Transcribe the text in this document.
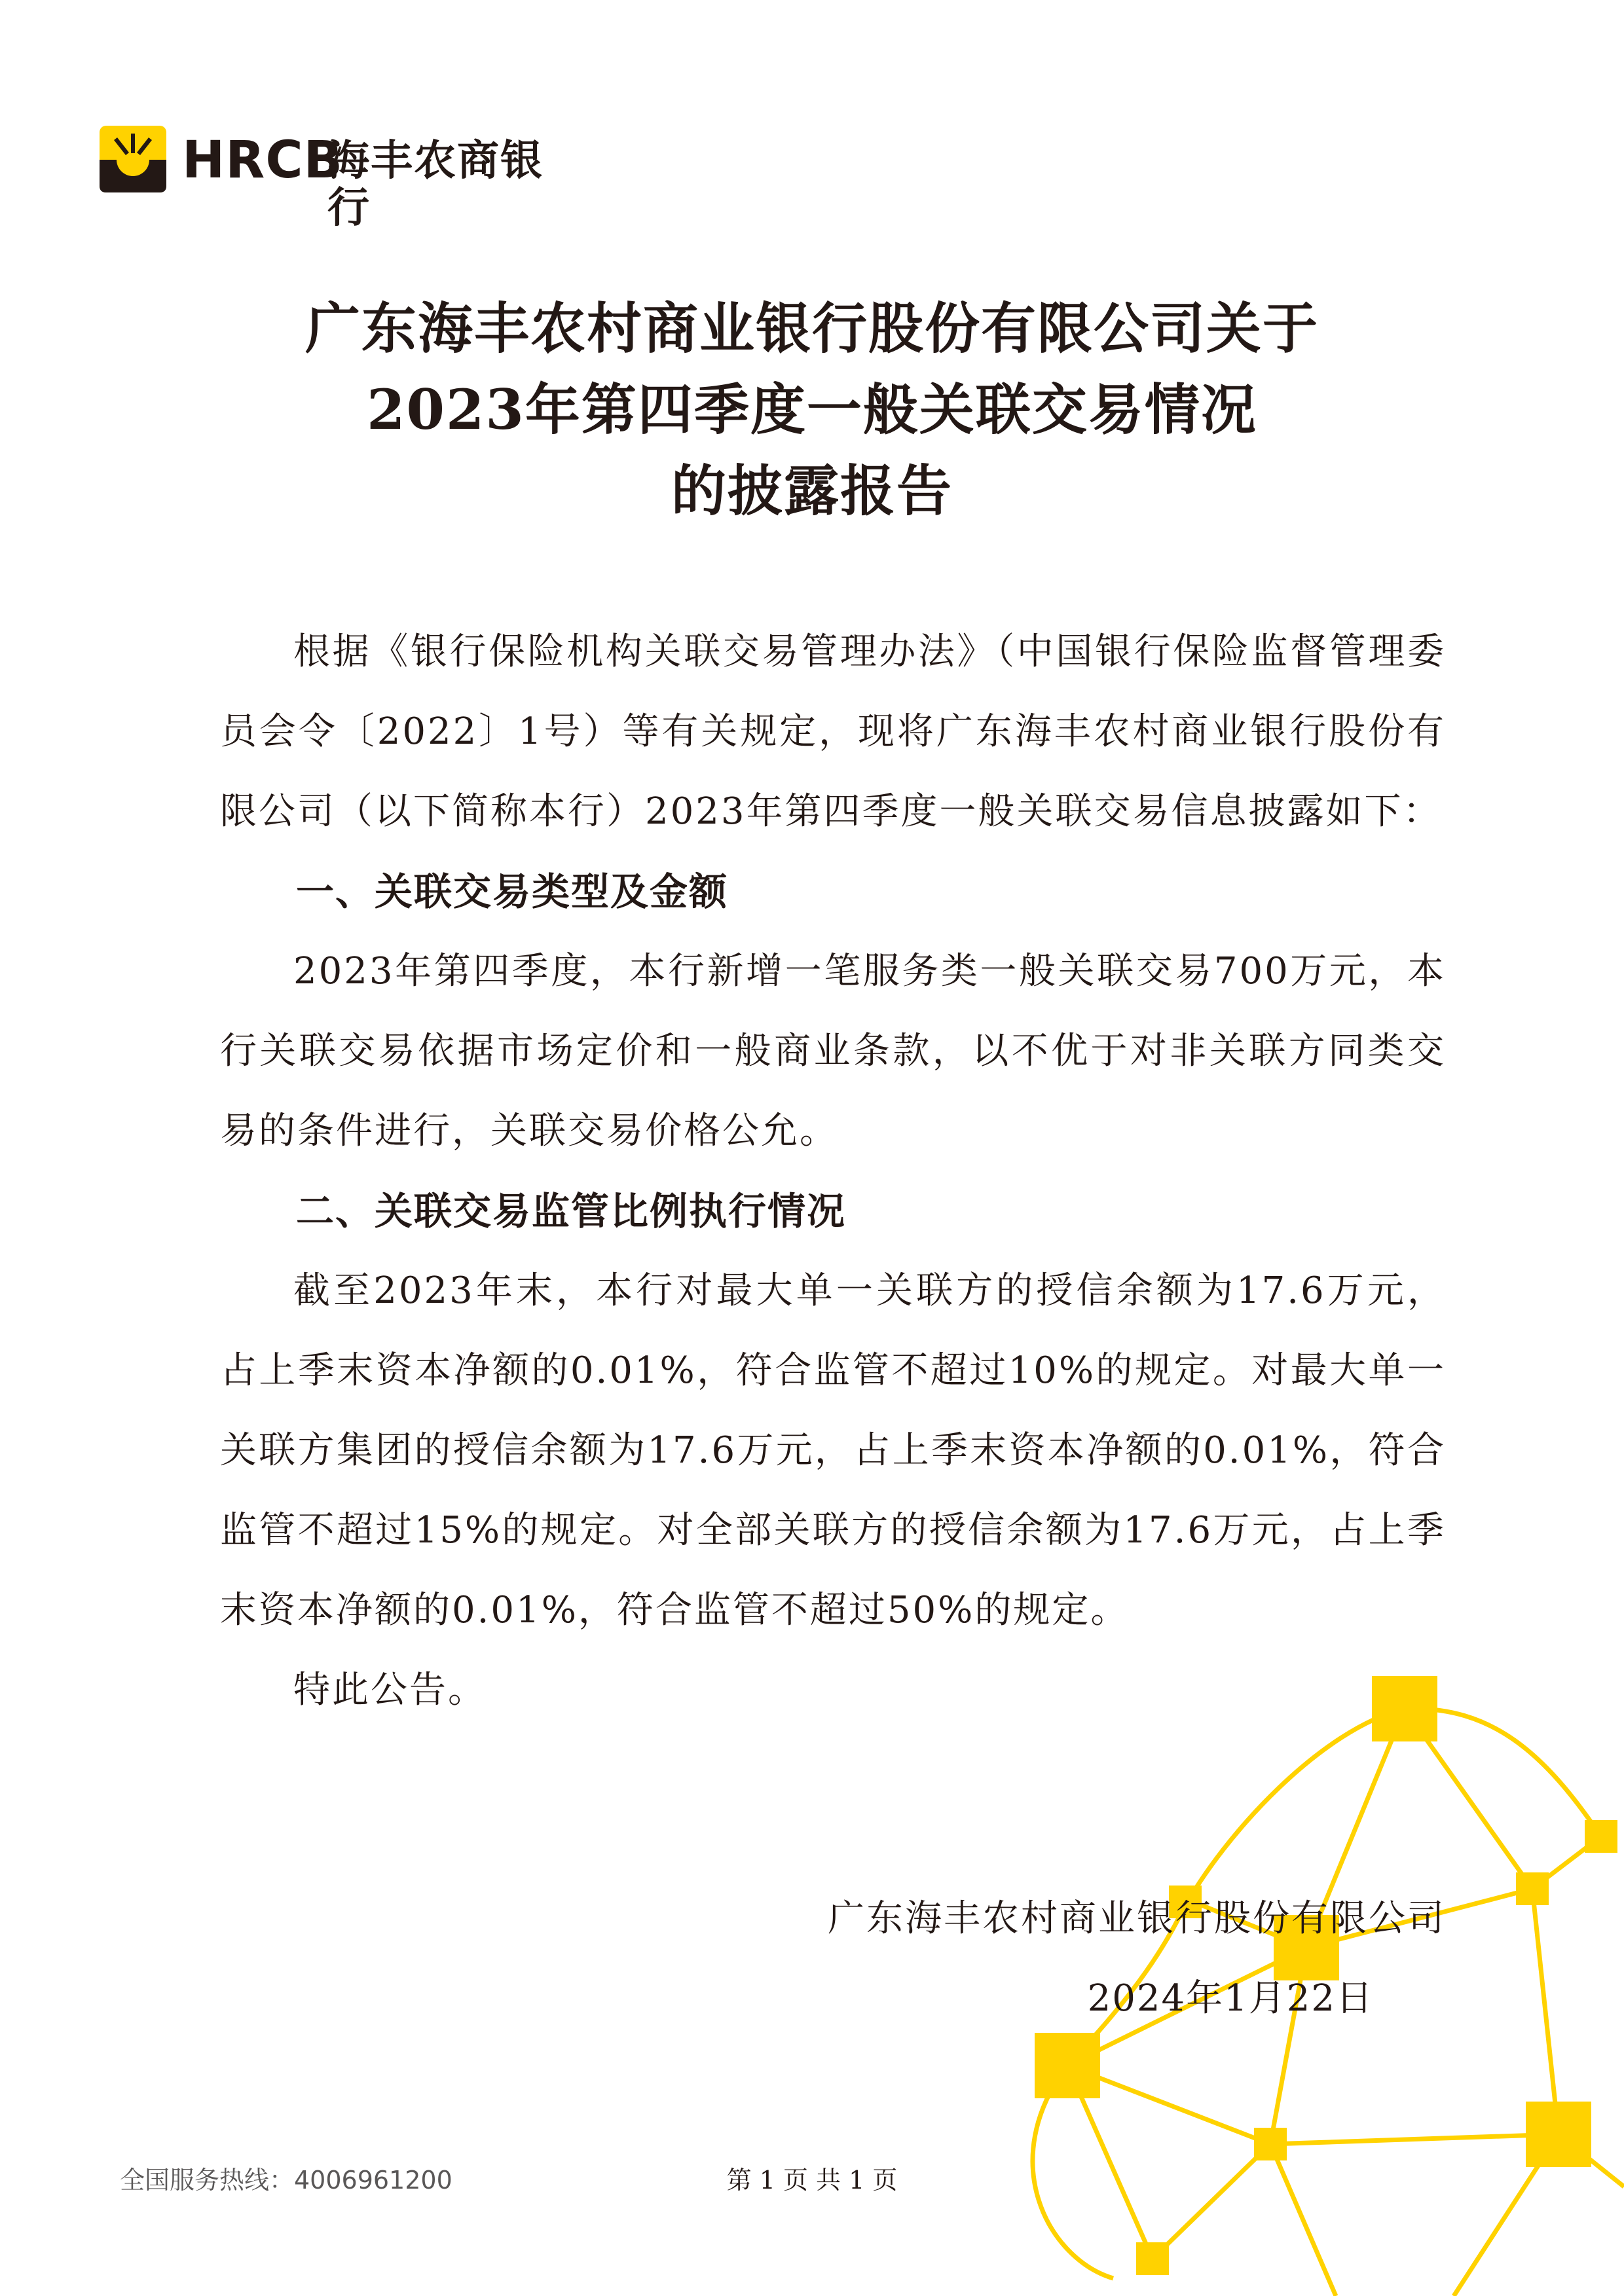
HRCB
海丰农商银行
广东海丰农村商业银行股份有限公司关于
2023年第四季度一般关联交易情况
的披露报告

根据《银行保险机构关联交易管理办法》（中国银行保险监督管理委员会令〔2022〕1号）等有关规定，现将广东海丰农村商业银行股份有限公司（以下简称本行）2023年第四季度一般关联交易信息披露如下：

一、关联交易类型及金额

2023年第四季度，本行新增一笔服务类一般关联交易700万元，本行关联交易依据市场定价和一般商业条款，以不优于对非关联方同类交易的条件进行，关联交易价格公允。

二、关联交易监管比例执行情况

截至2023年末，本行对最大单一关联方的授信余额为17.6万元，占上季末资本净额的0.01%，符合监管不超过10%的规定。对最大单一关联方集团的授信余额为17.6万元，占上季末资本净额的0.01%，符合监管不超过15%的规定。对全部关联方的授信余额为17.6万元，占上季末资本净额的0.01%，符合监管不超过50%的规定。

特此公告。

广东海丰农村商业银行股份有限公司
2024年1月22日
全国服务热线：4006961200	第 1 页 共 1 页
